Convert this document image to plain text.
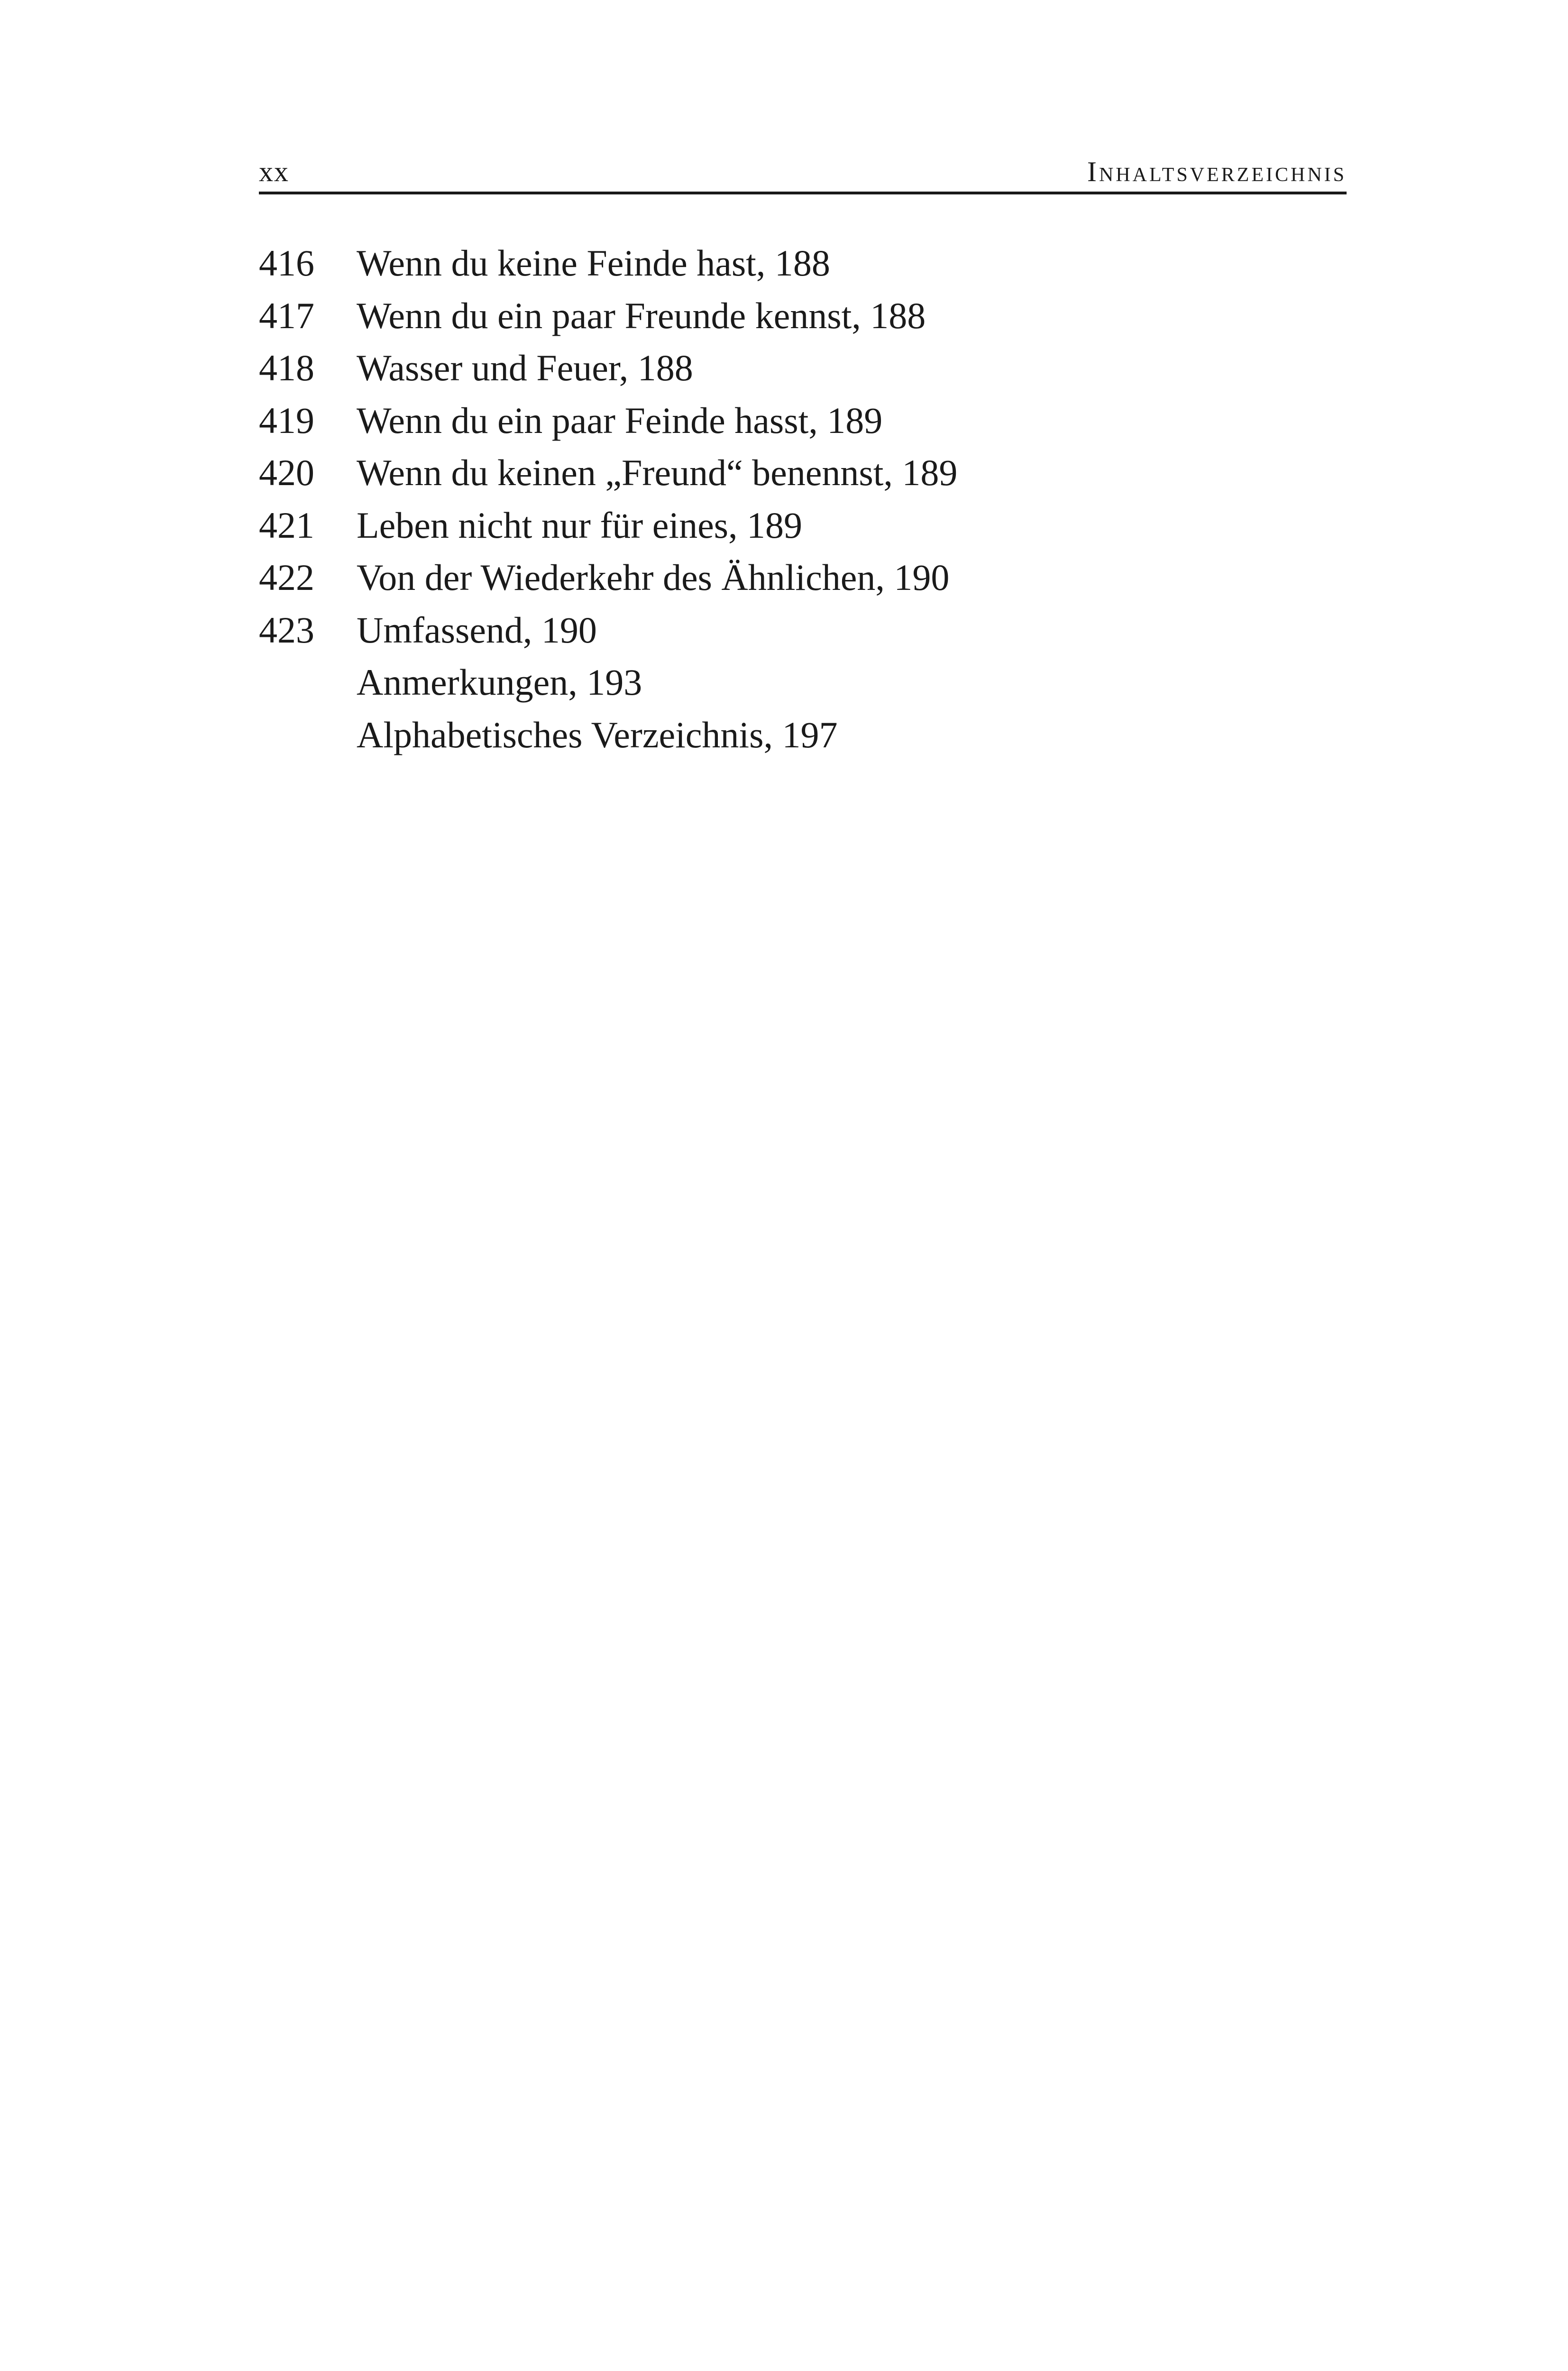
xx	Inhaltsverzeichnis
416	Wenn du keine Feinde hast, 188
417	Wenn du ein paar Freunde kennst, 188
418	Wasser und Feuer, 188
419	Wenn du ein paar Feinde hasst, 189
420	Wenn du keinen „Freund“ benennst, 189
421	Leben nicht nur für eines, 189
422	Von der Wiederkehr des Ähnlichen, 190
423	Umfassend, 190
Anmerkungen, 193
Alphabetisches Verzeichnis, 197
